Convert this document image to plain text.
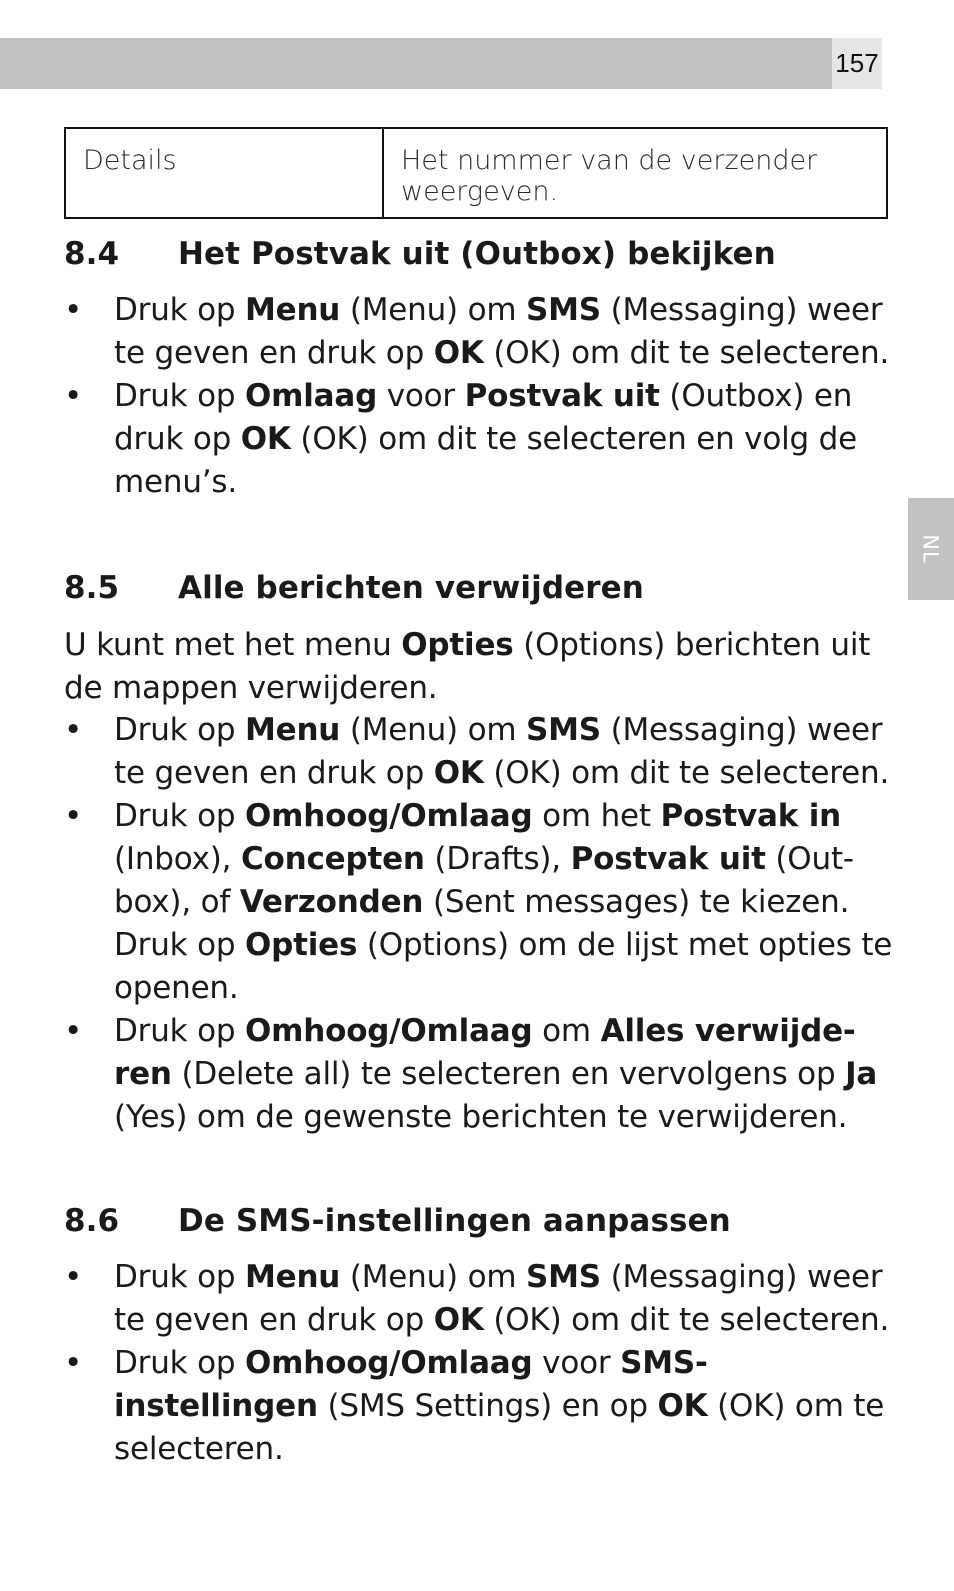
157
NL
Details	Het nummer van de verzender weergeven.
8.4 Het Postvak uit (Outbox) bekijken
• Druk op Menu (Menu) om SMS (Messaging) weer te geven en druk op OK (OK) om dit te selecteren.
• Druk op Omlaag voor Postvak uit (Outbox) en druk op OK (OK) om dit te selecteren en volg de menu’s.
8.5 Alle berichten verwijderen

U kunt met het menu Opties (Options) berichten uit de mappen verwijderen.

• Druk op Menu (Menu) om SMS (Messaging) weer te geven en druk op OK (OK) om dit te selecteren.
• Druk op Omhoog/Omlaag om het Postvak in (Inbox), Concepten (Drafts), Postvak uit (Out-box), of Verzonden (Sent messages) te kiezen. Druk op Opties (Options) om de lijst met opties te openen.
• Druk op Omhoog/Omlaag om Alles verwijde-ren (Delete all) te selecteren en vervolgens op Ja (Yes) om de gewenste berichten te verwijderen.
8.6 De SMS-instellingen aanpassen
• Druk op Menu (Menu) om SMS (Messaging) weer te geven en druk op OK (OK) om dit te selecteren.
• Druk op Omhoog/Omlaag voor SMS-instellingen (SMS Settings) en op OK (OK) om te selecteren.
